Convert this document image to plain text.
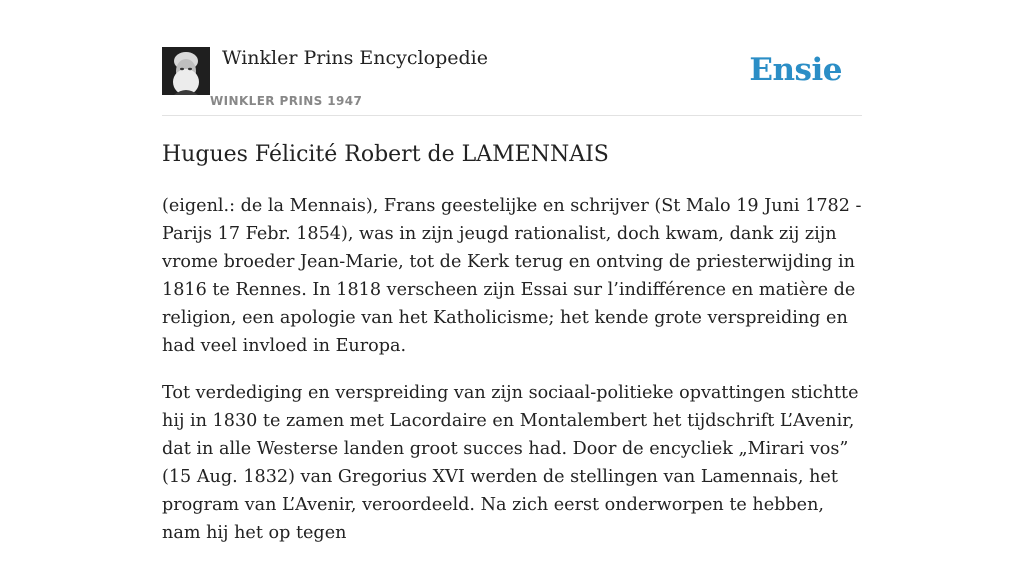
Winkler Prins Encyclopedie
WINKLER PRINS 1947
Ensie
Hugues Félicité Robert de LAMENNAIS

(eigenl.: de la Mennais), Frans geestelijke en schrijver (St Malo 19 Juni 1782 - Parijs 17 Febr. 1854), was in zijn jeugd rationalist, doch kwam, dank zij zijn vrome broeder Jean-Marie, tot de Kerk terug en ontving de priesterwijding in 1816 te Rennes. In 1818 verscheen zijn Essai sur l’indifférence en matière de religion, een apologie van het Katholicisme; het kende grote verspreiding en had veel invloed in Europa.

Tot verdediging en verspreiding van zijn sociaal-politieke opvattingen stichtte hij in 1830 te zamen met Lacordaire en Montalembert het tijdschrift L’Avenir, dat in alle Westerse landen groot succes had. Door de encycliek „Mirari vos” (15 Aug. 1832) van Gregorius XVI werden de stellingen van Lamennais, het program van L’Avenir, veroordeeld. Na zich eerst onderworpen te hebben, nam hij het op tegen
